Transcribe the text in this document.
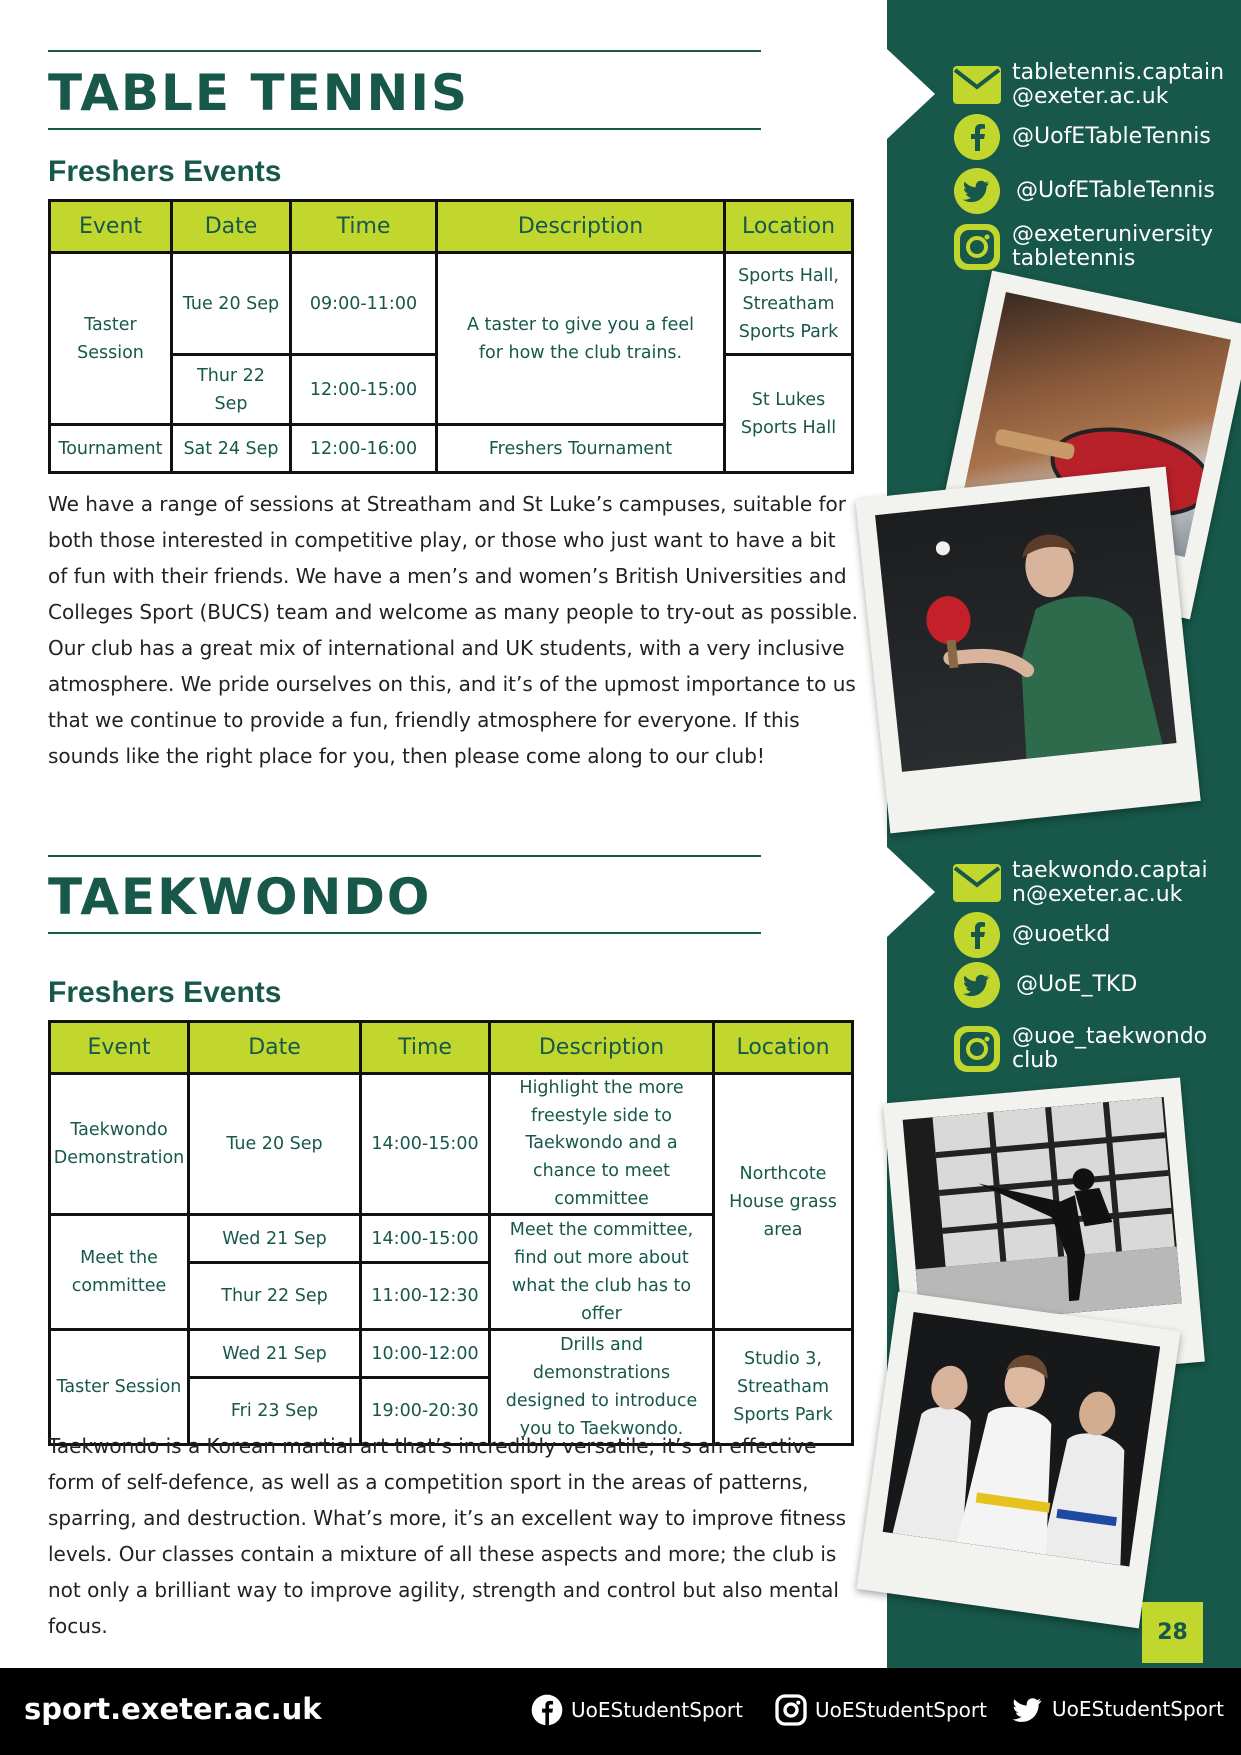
TABLE TENNIS
Freshers Events
Event	Date	Time	Description	Location
Taster Session	Tue 20 Sep	09:00-11:00	A taster to give you a feel for how the club trains.	Sports Hall, Streatham Sports Park
	Thur 22 Sep	12:00-15:00		St Lukes Sports Hall
Tournament	Sat 24 Sep	12:00-16:00	Freshers Tournament	

We have a range of sessions at Streatham and St Luke’s campuses, suitable for both those interested in competitive play, or those who just want to have a bit of fun with their friends. We have a men’s and women’s British Universities and Colleges Sport (BUCS) team and welcome as many people to try-out as possible. Our club has a great mix of international and UK students, with a very inclusive atmosphere. We pride ourselves on this, and it’s of the upmost importance to us that we continue to provide a fun, friendly atmosphere for everyone. If this sounds like the right place for you, then please come along to our club!

TAEKWONDO
Freshers Events
Event	Date	Time	Description	Location
Taekwondo Demonstration	Tue 20 Sep	14:00-15:00	Highlight the more freestyle side to Taekwondo and a chance to meet committee	Northcote House grass area
Meet the committee	Wed 21 Sep	14:00-15:00	Meet the committee, find out more about what the club has to offer	
	Thur 22 Sep	11:00-12:30		
Taster Session	Wed 21 Sep	10:00-12:00	Drills and demonstrations designed to introduce you to Taekwondo.	Studio 3, Streatham Sports Park
	Fri 23 Sep	19:00-20:30		

Taekwondo is a Korean martial art that’s incredibly versatile; it’s an effective form of self-defence, as well as a competition sport in the areas of patterns, sparring, and destruction. What’s more, it’s an excellent way to improve fitness levels. Our classes contain a mixture of all these aspects and more; the club is not only a brilliant way to improve agility, strength and control but also mental focus.

tabletennis.captain
@exeter.ac.uk
@UofETableTennis
@UofETableTennis
@exeteruniversity
tabletennis
taekwondo.captai
n@exeter.ac.uk
@uoetkd
@UoE_TKD
@uoe_taekwondo
club
28
sport.exeter.ac.uk	UoEStudentSport	UoEStudentSport	UoEStudentSport
